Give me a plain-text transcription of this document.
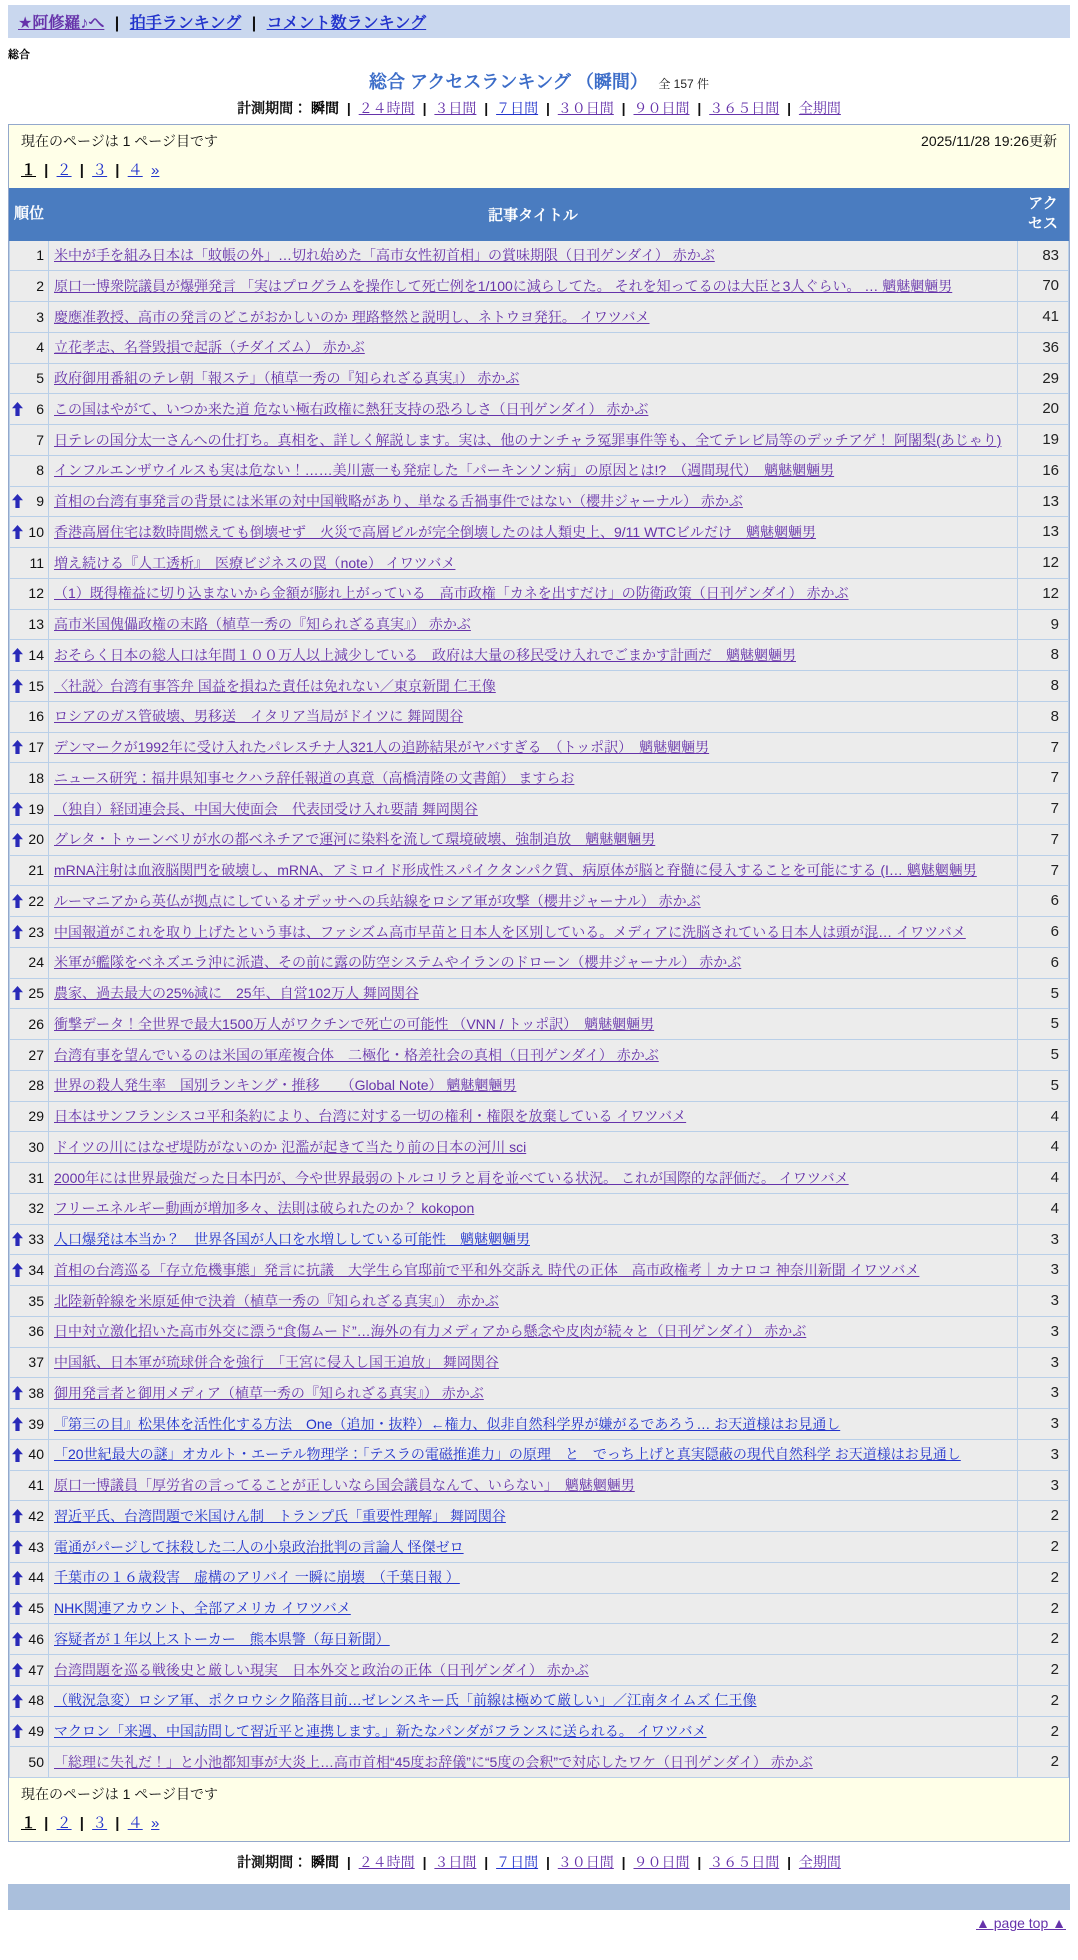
★阿修羅♪へ | 拍手ランキング | コメント数ランキング
総合
総合 アクセスランキング （瞬間） 全 157 件
計測期間： 瞬間 | ２４時間 | ３日間 | ７日間 | ３０日間 | ９０日間 | ３６５日間 | 全期間
現在のページは 1 ページ目です	2025/11/28 19:26更新
１ | ２ | ３ | ４ »
順位	記事タイトル	アクセス
1	米中が手を組み日本は「蚊帳の外」…切れ始めた「高市女性初首相」の賞味期限（日刊ゲンダイ） 赤かぶ	83
2	原口一博衆院議員が爆弾発言 「実はプログラムを操作して死亡例を1/100に減らしてた。 それを知ってるのは大臣と3人ぐらい。 … 魑魅魍魎男	70
3	慶應准教授、高市の発言のどこがおかしいのか 理路整然と説明し、ネトウヨ発狂。 イワツバメ	41
4	立花孝志、名誉毀損で起訴（チダイズム） 赤かぶ	36
5	政府御用番組のテレ朝「報ステ」（植草一秀の『知られざる真実』） 赤かぶ	29

6	この国はやがて、いつか来た道 危ない極右政権に熱狂支持の恐ろしさ（日刊ゲンダイ） 赤かぶ	20
7	日テレの国分太一さんへの仕打ち。真相を、詳しく解説します。実は、他のナンチャラ冤罪事件等も、全てテレビ局等のデッチアゲ！ 阿闍梨(あじゃり)	19
8	インフルエンザウイルスも実は危ない！……美川憲一も発症した「パーキンソン病」の原因とは!?　（週間現代）　魑魅魍魎男	16

9	首相の台湾有事発言の背景には米軍の対中国戦略があり、単なる舌禍事件ではない（櫻井ジャーナル） 赤かぶ	13

10	香港高層住宅は数時間燃えても倒壊せず　火災で高層ビルが完全倒壊したのは人類史上、9/11 WTCビルだけ　魑魅魍魎男	13
11	増え続ける『人工透析』　医療ビジネスの罠（note） イワツバメ	12
12	（1）既得権益に切り込まないから金額が膨れ上がっている　高市政権「カネを出すだけ」の防衛政策（日刊ゲンダイ） 赤かぶ	12
13	高市米国傀儡政権の末路（植草一秀の『知られざる真実』） 赤かぶ	9

14	おそらく日本の総人口は年間１００万人以上減少している　政府は大量の移民受け入れでごまかす計画だ　魑魅魍魎男	8

15	〈社説〉台湾有事答弁 国益を損ねた責任は免れない／東京新聞 仁王像	8
16	ロシアのガス管破壊、男移送　イタリア当局がドイツに 舞岡関谷	8

17	デンマークが1992年に受け入れたパレスチナ人321人の追跡結果がヤバすぎる　（トッポ訳）　魑魅魍魎男	7
18	ニュース研究：福井県知事セクハラ辞任報道の真意（高橋清隆の文書館） ますらお	7

19	（独自）経団連会長、中国大使面会　代表団受け入れ要請 舞岡関谷	7

20	グレタ・トゥーンベリが水の都ベネチアで運河に染料を流して環境破壊、強制追放　魑魅魍魎男	7
21	mRNA注射は血液脳関門を破壊し、mRNA、アミロイド形成性スパイクタンパク質、病原体が脳と脊髄に侵入することを可能にする (I… 魑魅魍魎男	7

22	ルーマニアから英仏が拠点にしているオデッサへの兵站線をロシア軍が攻撃（櫻井ジャーナル） 赤かぶ	6

23	中国報道がこれを取り上げたという事は、ファシズム高市早苗と日本人を区別している。メディアに洗脳されている日本人は頭が混… イワツバメ	6
24	米軍が艦隊をベネズエラ沖に派遣、その前に露の防空システムやイランのドローン（櫻井ジャーナル） 赤かぶ	6

25	農家、過去最大の25%減に　25年、自営102万人 舞岡関谷	5
26	衝撃データ！全世界で最大1500万人がワクチンで死亡の可能性 （VNN / トッポ訳）　魑魅魍魎男	5
27	台湾有事を望んでいるのは米国の軍産複合体　二極化・格差社会の真相（日刊ゲンダイ） 赤かぶ	5
28	世界の殺人発生率　国別ランキング・推移　　（Global Note） 魑魅魍魎男	5
29	日本はサンフランシスコ平和条約により、台湾に対する一切の権利・権限を放棄している イワツバメ	4
30	ドイツの川にはなぜ堤防がないのか 氾濫が起きて当たり前の日本の河川 sci	4
31	2000年には世界最強だった日本円が、今や世界最弱のトルコリラと肩を並べている状況。 これが国際的な評価だ。 イワツバメ	4
32	フリーエネルギー動画が増加多々、法則は破られたのか？ kokopon	4

33	人口爆発は本当か？　世界各国が人口を水増ししている可能性　魑魅魍魎男	3

34	首相の台湾巡る「存立危機事態」発言に抗議　大学生ら官邸前で平和外交訴え 時代の正体　高市政権考｜カナロコ 神奈川新聞 イワツバメ	3
35	北陸新幹線を米原延伸で決着（植草一秀の『知られざる真実』） 赤かぶ	3
36	日中対立激化招いた高市外交に漂う“食傷ムード”…海外の有力メディアから懸念や皮肉が続々と（日刊ゲンダイ） 赤かぶ	3
37	中国紙、日本軍が琉球併合を強行　「王宮に侵入し国王追放」 舞岡関谷	3

38	御用発言者と御用メディア（植草一秀の『知られざる真実』） 赤かぶ	3

39	『第三の目』松果体を活性化する方法　One（追加・抜粋）←権力、似非自然科学界が嫌がるであろう… お天道様はお見通し	3

40	「20世紀最大の謎」オカルト・エーテル物理学：「テスラの電磁推進力」の原理　と　でっち上げと真実隠蔽の現代自然科学 お天道様はお見通し	3
41	原口一博議員「厚労省の言ってることが正しいなら国会議員なんて、いらない」　魑魅魍魎男	3

42	習近平氏、台湾問題で米国けん制　トランプ氏「重要性理解」 舞岡関谷	2

43	電通がパージして抹殺した二人の小泉政治批判の言論人 怪傑ゼロ	2

44	千葉市の１６歳殺害　虚構のアリバイ 一瞬に崩壊　（千葉日報 ）	2

45	NHK関連アカウント、全部アメリカ イワツバメ	2

46	容疑者が１年以上ストーカー　熊本県警（毎日新聞）	2

47	台湾問題を巡る戦後史と厳しい現実　日本外交と政治の正体（日刊ゲンダイ） 赤かぶ	2

48	（戦況急変）ロシア軍、ポクロウシク陥落目前…ゼレンスキー氏「前線は極めて厳しい」／江南タイムズ 仁王像	2

49	マクロン「来週、中国訪問して習近平と連携します。」新たなパンダがフランスに送られる。 イワツバメ	2
50	「総理に失礼だ！」と小池都知事が大炎上…高市首相“45度お辞儀”に“5度の会釈”で対応したワケ（日刊ゲンダイ） 赤かぶ	2
現在のページは 1 ページ目です
１ | ２ | ３ | ４ »
計測期間： 瞬間 | ２４時間 | ３日間 | ７日間 | ３０日間 | ９０日間 | ３６５日間 | 全期間
▲ page top ▲
